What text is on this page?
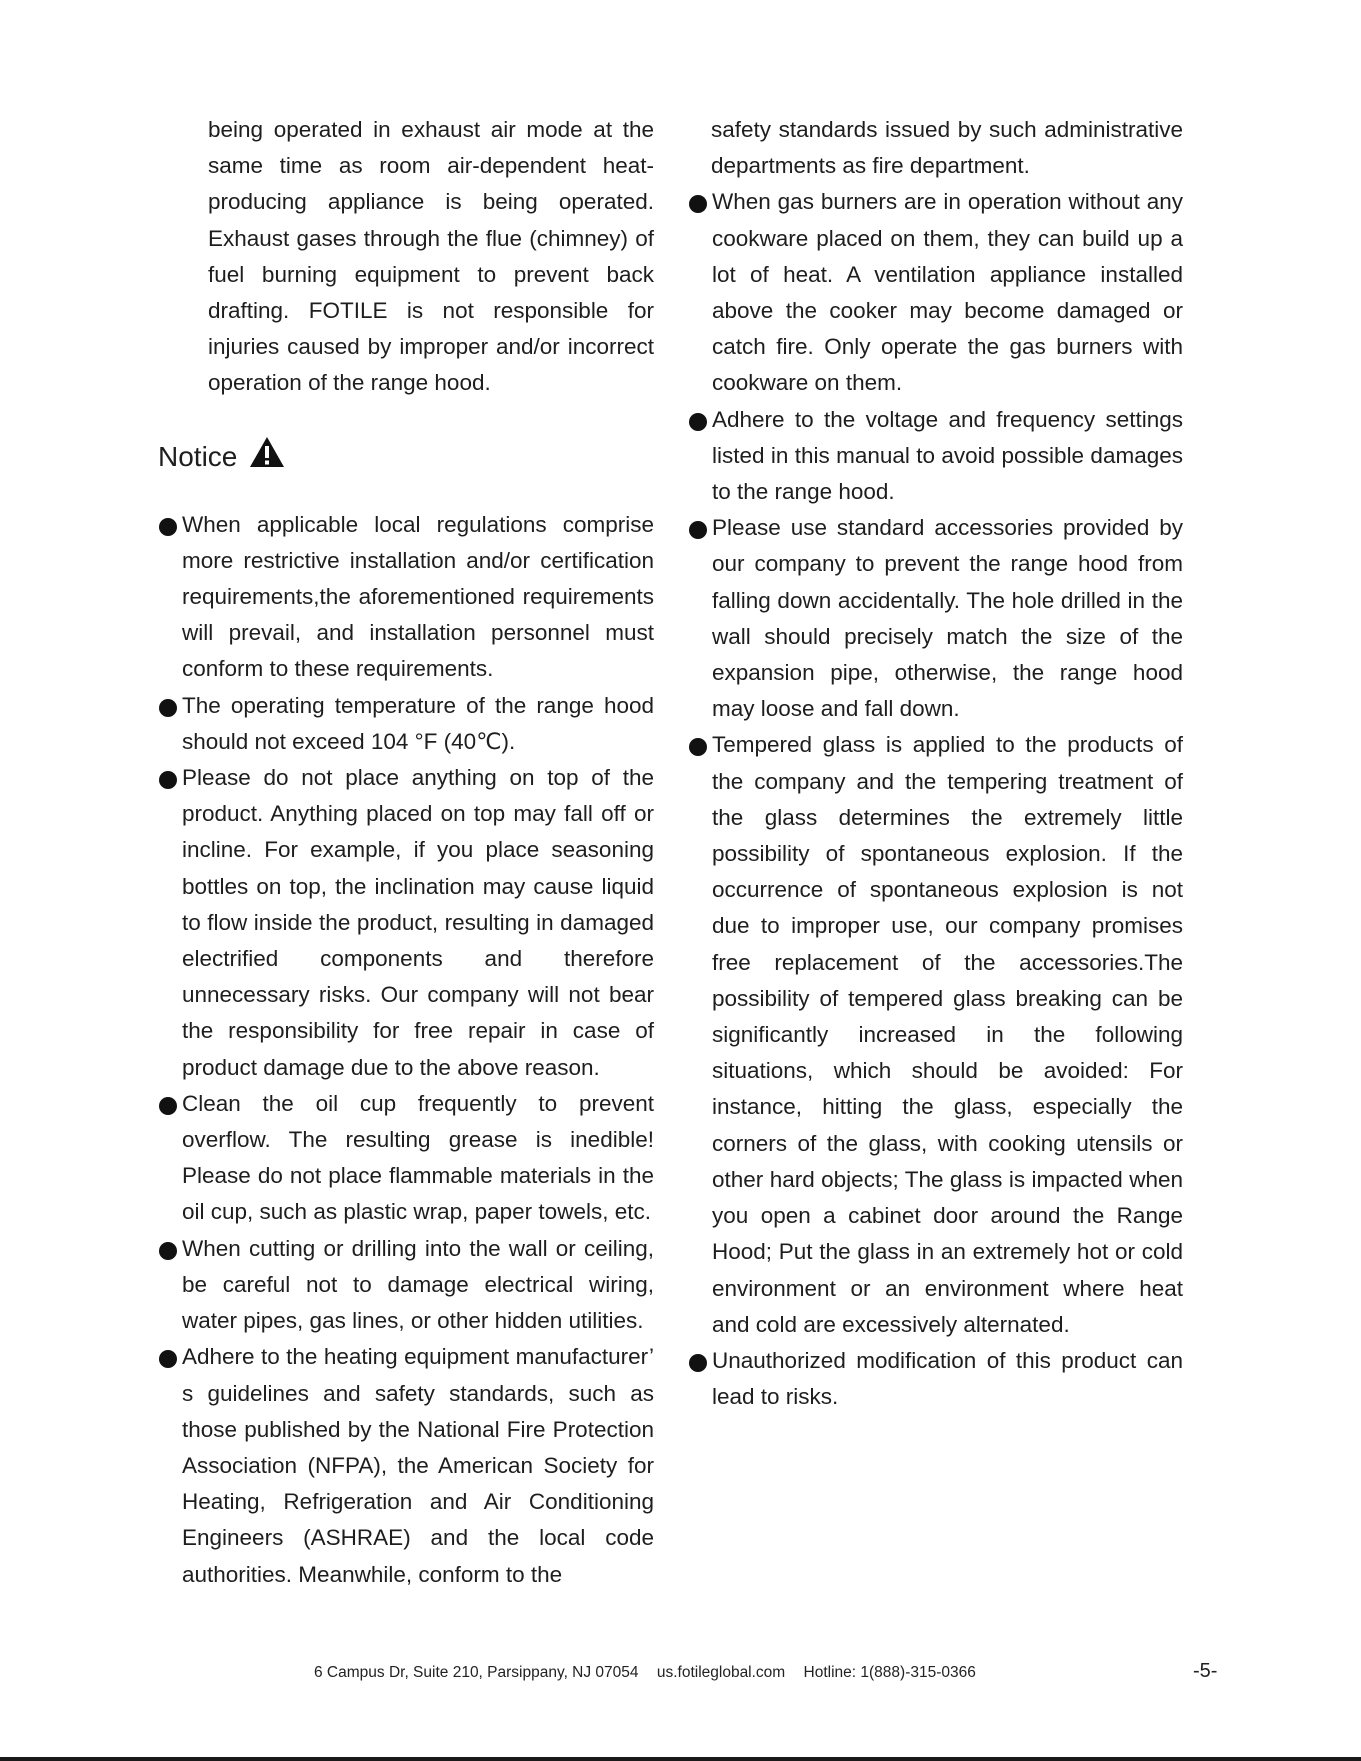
being operated in exhaust air mode at the same time as room air-dependent heat-producing appliance is being operated. Exhaust gases through the flue (chimney) of fuel burning equipment to prevent back drafting. FOTILE is not responsible for injuries caused by improper and/or incorrect operation of the range hood.

Notice

When applicable local regulations comprise more restrictive installation and/or certification requirements,the aforementioned requirements will prevail, and installation personnel must conform to these requirements.

The operating temperature of the range hood should not exceed 104 °F (40℃).

Please do not place anything on top of the product. Anything placed on top may fall off or incline. For example, if you place seasoning bottles on top, the inclination may cause liquid to flow inside the product, resulting in damaged electrified components and therefore unnecessary risks. Our company will not bear the responsibility for free repair in case of product damage due to the above reason.

Clean the oil cup frequently to prevent overflow. The resulting grease is inedible! Please do not place flammable materials in the oil cup, such as plastic wrap, paper towels, etc.

When cutting or drilling into the wall or ceiling, be careful not to damage electrical wiring, water pipes, gas lines, or other hidden utilities.

Adhere to the heating equipment manufacturer’ s guidelines and safety standards, such as those published by the National Fire Protection Association (NFPA), the American Society for Heating, Refrigeration and Air Conditioning Engineers (ASHRAE) and the local code authorities. Meanwhile, conform to the

safety standards issued by such administrative departments as fire department.

When gas burners are in operation without any cookware placed on them, they can build up a lot of heat. A ventilation appliance installed above the cooker may become damaged or catch fire. Only operate the gas burners with cookware on them.

Adhere to the voltage and frequency settings listed in this manual to avoid possible damages to the range hood.

Please use standard accessories provided by our company to prevent the range hood from falling down accidentally. The hole drilled in the wall should precisely match the size of the expansion pipe, otherwise, the range hood may loose and fall down.

Tempered glass is applied to the products of the company and the tempering treatment of the glass determines the extremely little possibility of spontaneous explosion. If the occurrence of spontaneous explosion is not due to improper use, our company promises free replacement of the accessories.The possibility of tempered glass breaking can be significantly increased in the following situations, which should be avoided: For instance, hitting the glass, especially the corners of the glass, with cooking utensils or other hard objects; The glass is impacted when you open a cabinet door around the Range Hood; Put the glass in an extremely hot or cold environment or an environment where heat and cold are excessively alternated.

Unauthorized modification of this product can lead to risks.

6 Campus Dr, Suite 210, Parsippany, NJ 07054 us.fotileglobal.com Hotline: 1(888)-315-0366	-5-
